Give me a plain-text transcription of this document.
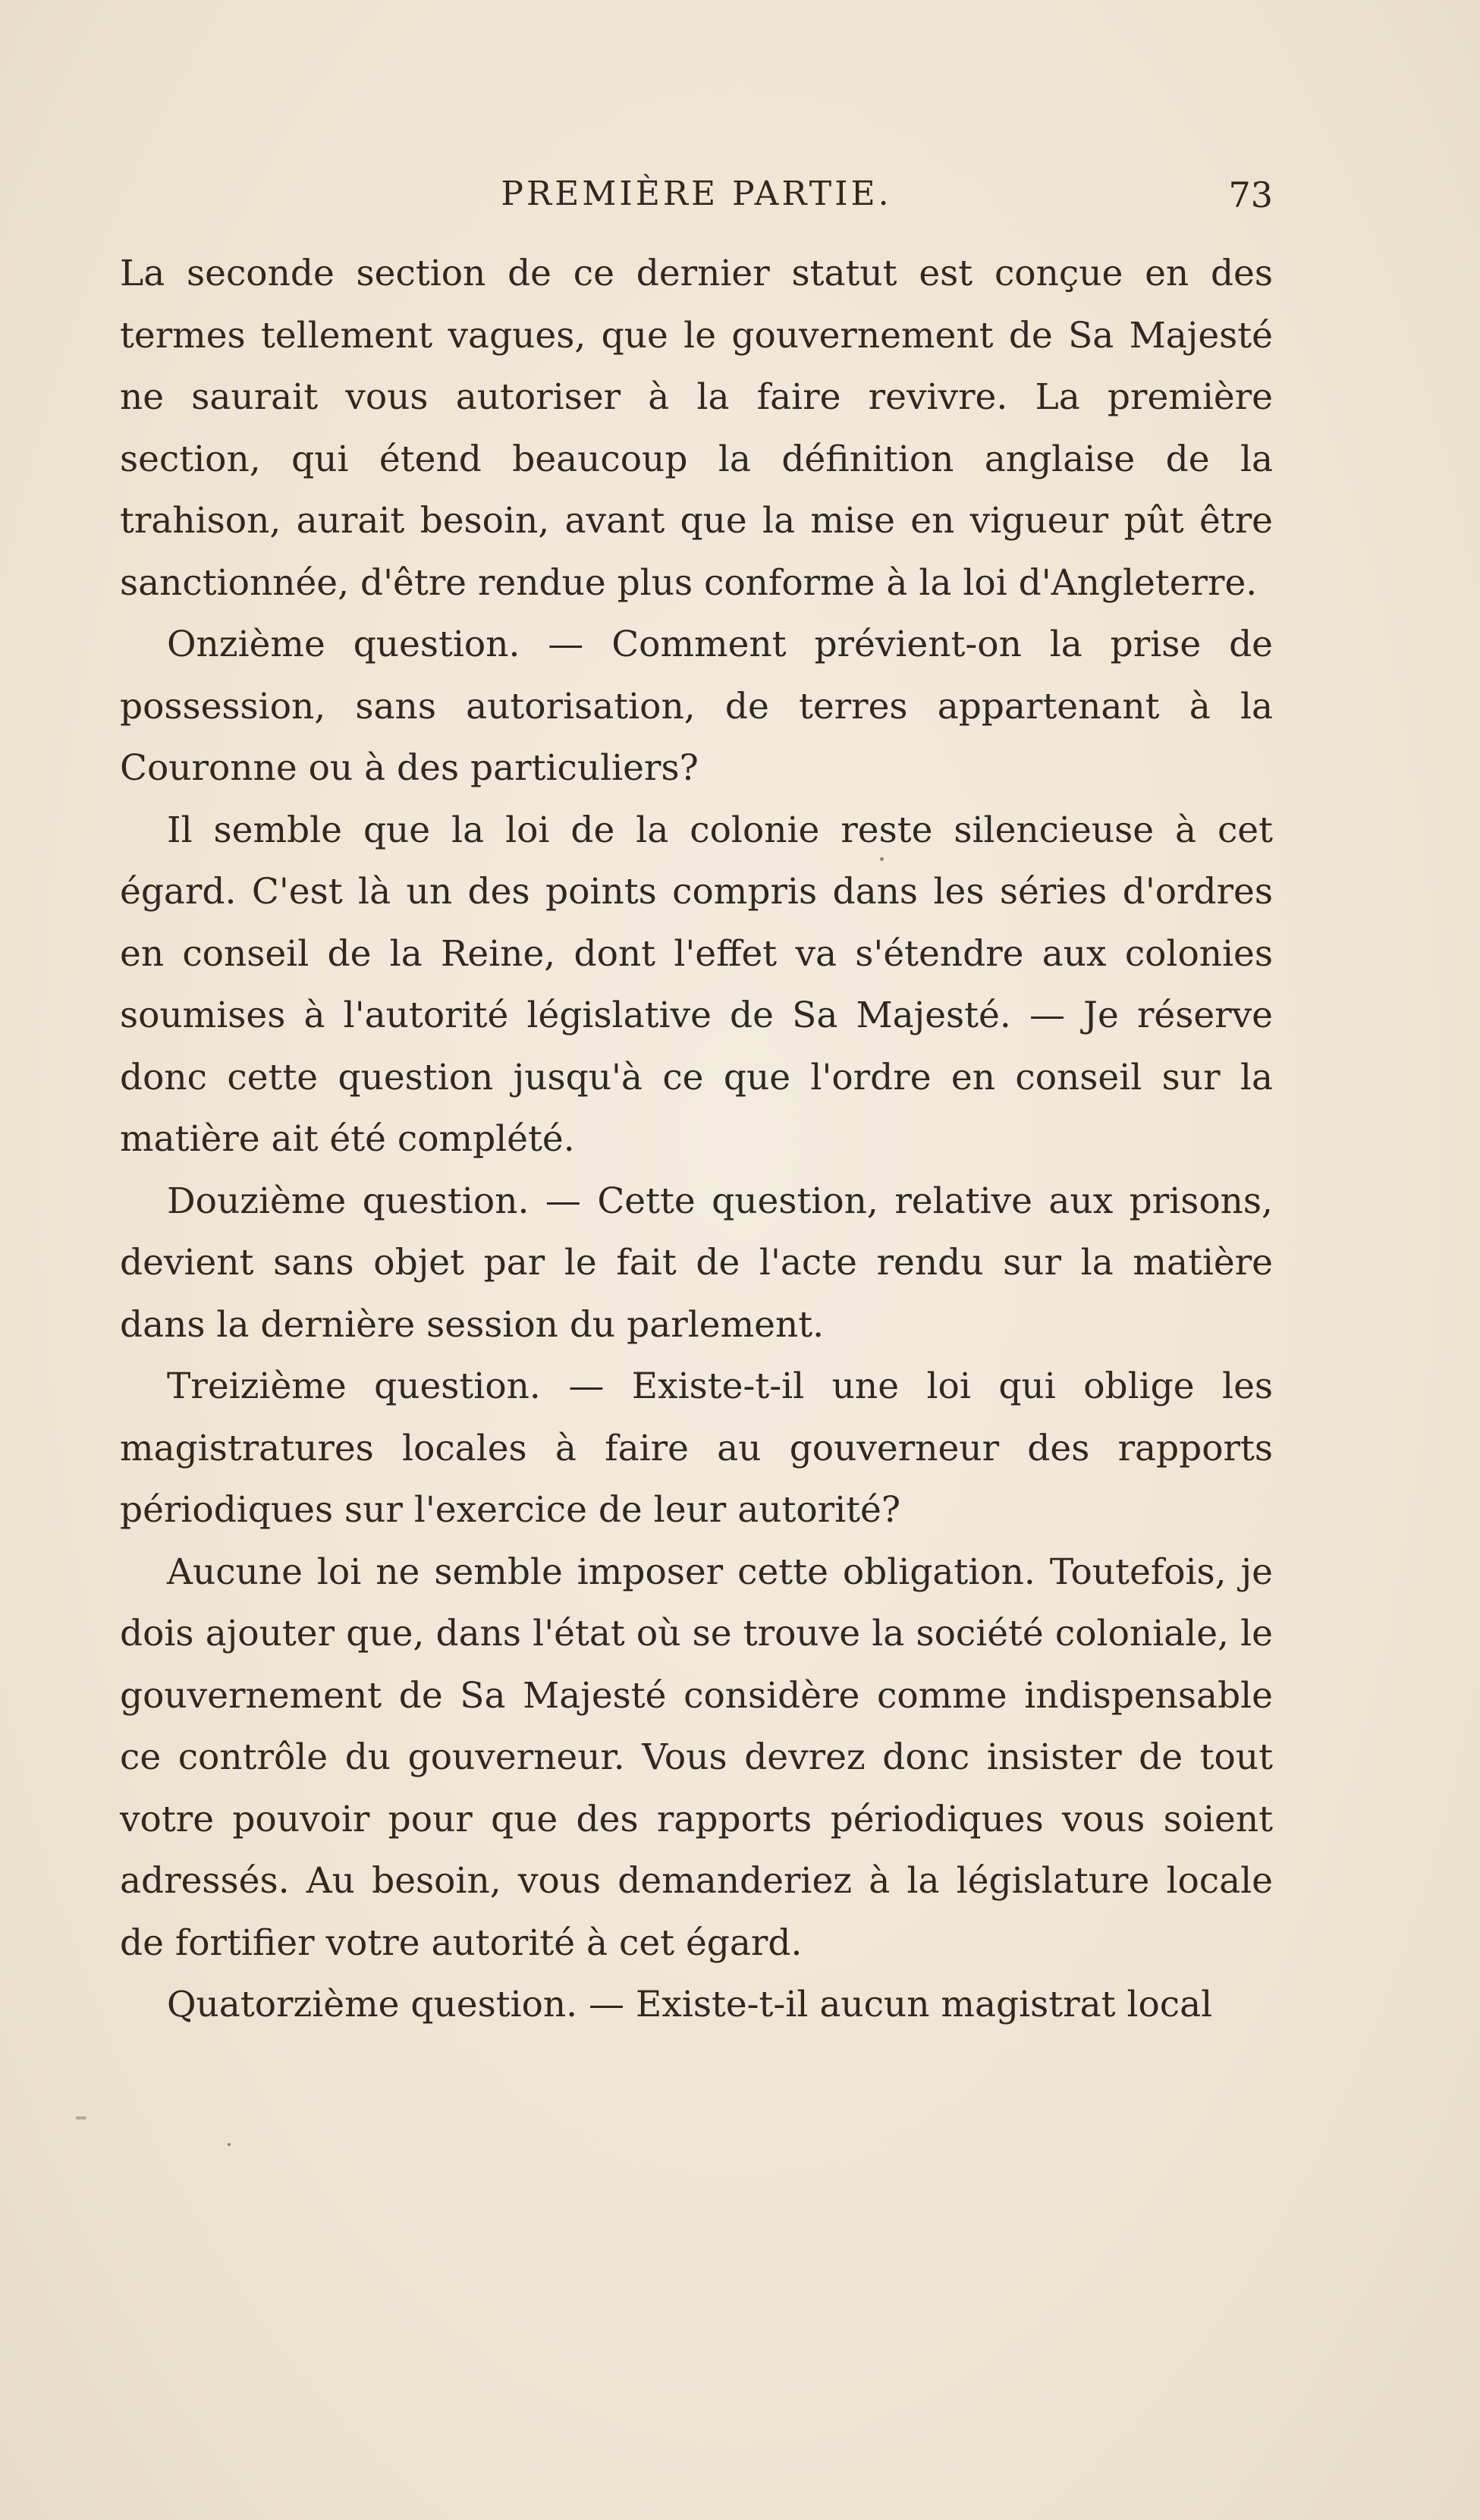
PREMIÈRE PARTIE.	73

La seconde section de ce dernier statut est conçue en des termes tellement vagues, que le gouvernement de Sa Majesté ne saurait vous autoriser à la faire revivre. La première section, qui étend beaucoup la définition anglaise de la trahison, aurait besoin, avant que la mise en vigueur pût être sanctionnée, d'être rendue plus conforme à la loi d'Angleterre.

Onzième question. — Comment prévient-on la prise de possession, sans autorisation, de terres appartenant à la Couronne ou à des particuliers?

Il semble que la loi de la colonie reste silencieuse à cet égard. C'est là un des points compris dans les séries d'ordres en conseil de la Reine, dont l'effet va s'étendre aux colonies soumises à l'autorité législative de Sa Majesté. — Je réserve donc cette question jusqu'à ce que l'ordre en conseil sur la matière ait été complété.

Douzième question. — Cette question, relative aux prisons, devient sans objet par le fait de l'acte rendu sur la matière dans la dernière session du parlement.

Treizième question. — Existe-t-il une loi qui oblige les magistratures locales à faire au gouverneur des rapports périodiques sur l'exercice de leur autorité?

Aucune loi ne semble imposer cette obligation. Toutefois, je dois ajouter que, dans l'état où se trouve la société coloniale, le gouvernement de Sa Majesté considère comme indispensable ce contrôle du gouverneur. Vous devrez donc insister de tout votre pouvoir pour que des rapports périodiques vous soient adressés. Au besoin, vous demanderiez à la législature locale de fortifier votre autorité à cet égard.

Quatorzième question. — Existe-t-il aucun magistrat local
